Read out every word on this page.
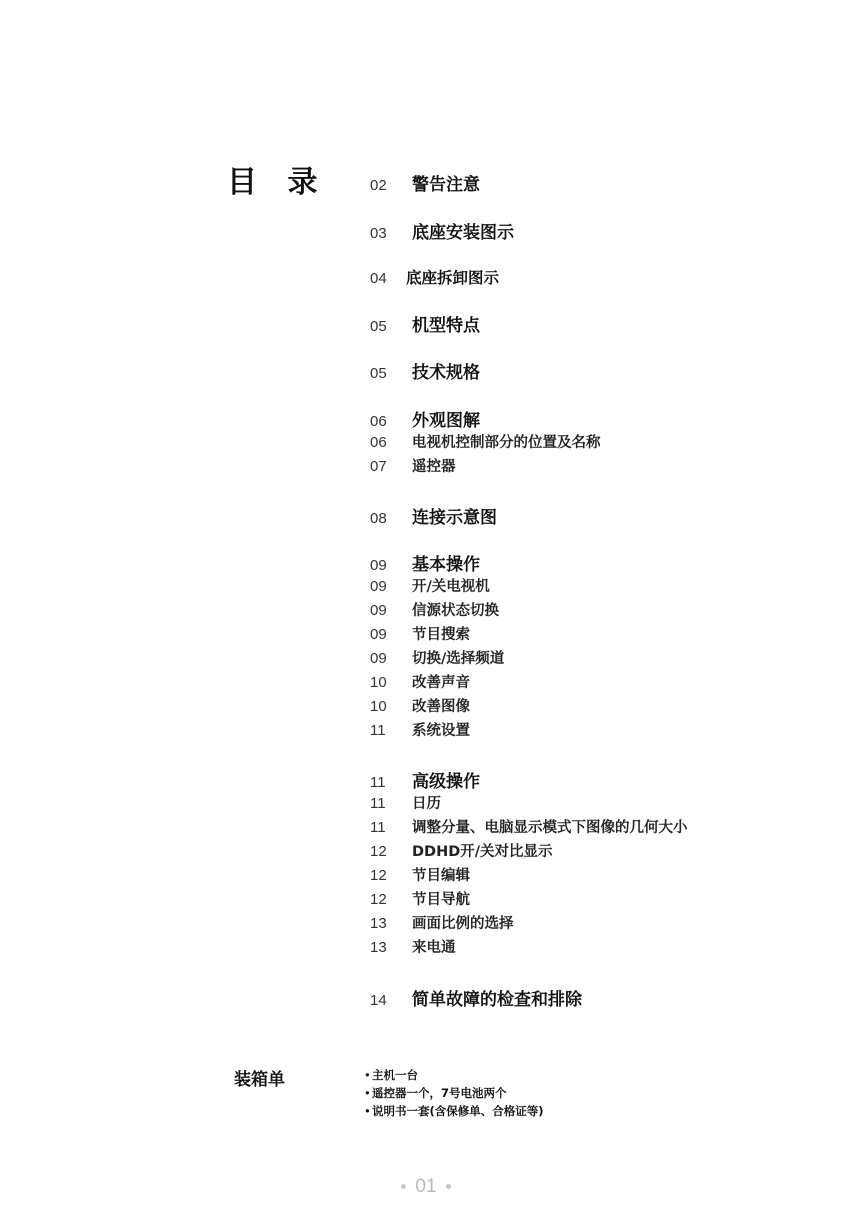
目 录	02	警告注意
03	底座安装图示
04	底座拆卸图示
05	机型特点
05	技术规格
06	外观图解
06	电视机控制部分的位置及名称
07	遥控器
08	连接示意图
09	基本操作
09	开/关电视机
09	信源状态切换
09	节目搜索
09	切换/选择频道
10	改善声音
10	改善图像
11	系统设置
11	高级操作
11	日历
11	调整分量、电脑显示模式下图像的几何大小
12	DDHD开/关对比显示
12	节目编辑
12	节目导航
13	画面比例的选择
13	来电通
14	简单故障的检查和排除
装箱单	•主机一台
•遥控器一个，7号电池两个
•说明书一套(含保修单、合格证等)
01
